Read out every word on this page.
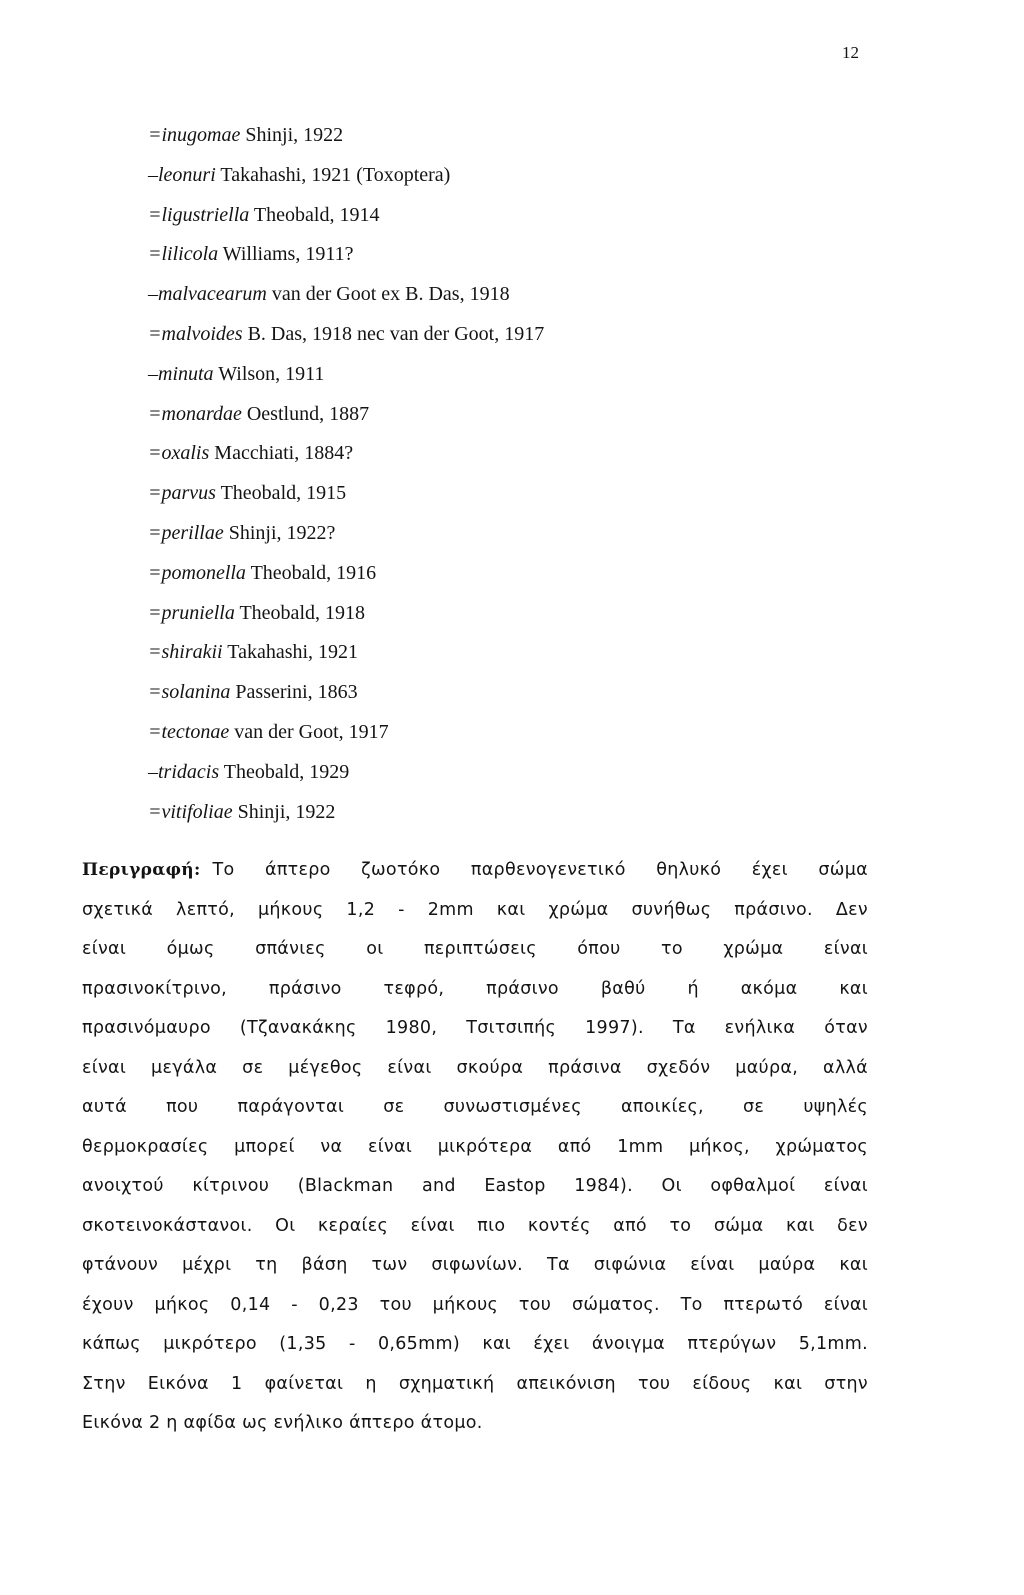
12
=inugomae Shinji, 1922
–leonuri Takahashi, 1921 (Toxoptera)
=ligustriella Theobald, 1914
=lilicola Williams, 1911?
–malvacearum van der Goot ex B. Das, 1918
=malvoides B. Das, 1918 nec van der Goot, 1917
–minuta Wilson, 1911
=monardae Oestlund, 1887
=oxalis Macchiati, 1884?
=parvus Theobald, 1915
=perillae Shinji, 1922?
=pomonella Theobald, 1916
=pruniella Theobald, 1918
=shirakii Takahashi, 1921
=solanina Passerini, 1863
=tectonae van der Goot, 1917
–tridacis Theobald, 1929
=vitifoliae Shinji, 1922
Περιγραφή: Το άπτερο ζωοτόκο παρθενογενετικό θηλυκό έχει σώμα
σχετικά λεπτό, μήκους 1,2 - 2mm και χρώμα συνήθως πράσινο. Δεν
είναι όμως σπάνιες οι περιπτώσεις όπου το χρώμα είναι
πρασινοκίτρινο, πράσινο τεφρό, πράσινο βαθύ ή ακόμα και
πρασινόμαυρο (Τζανακάκης 1980, Τσιτσιπής 1997). Τα ενήλικα όταν
είναι μεγάλα σε μέγεθος είναι σκούρα πράσινα σχεδόν μαύρα, αλλά
αυτά που παράγονται σε συνωστισμένες αποικίες, σε υψηλές
θερμοκρασίες μπορεί να είναι μικρότερα από 1mm μήκος, χρώματος
ανοιχτού κίτρινου (Blackman and Eastop 1984). Οι οφθαλμοί είναι
σκοτεινοκάστανοι. Οι κεραίες είναι πιο κοντές από το σώμα και δεν
φτάνουν μέχρι τη βάση των σιφωνίων. Τα σιφώνια είναι μαύρα και
έχουν μήκος 0,14 - 0,23 του μήκους του σώματος. Το πτερωτό είναι
κάπως μικρότερο (1,35 - 0,65mm) και έχει άνοιγμα πτερύγων 5,1mm.
Στην Εικόνα 1 φαίνεται η σχηματική απεικόνιση του είδους και στην
Εικόνα 2 η αφίδα ως ενήλικο άπτερο άτομο.
